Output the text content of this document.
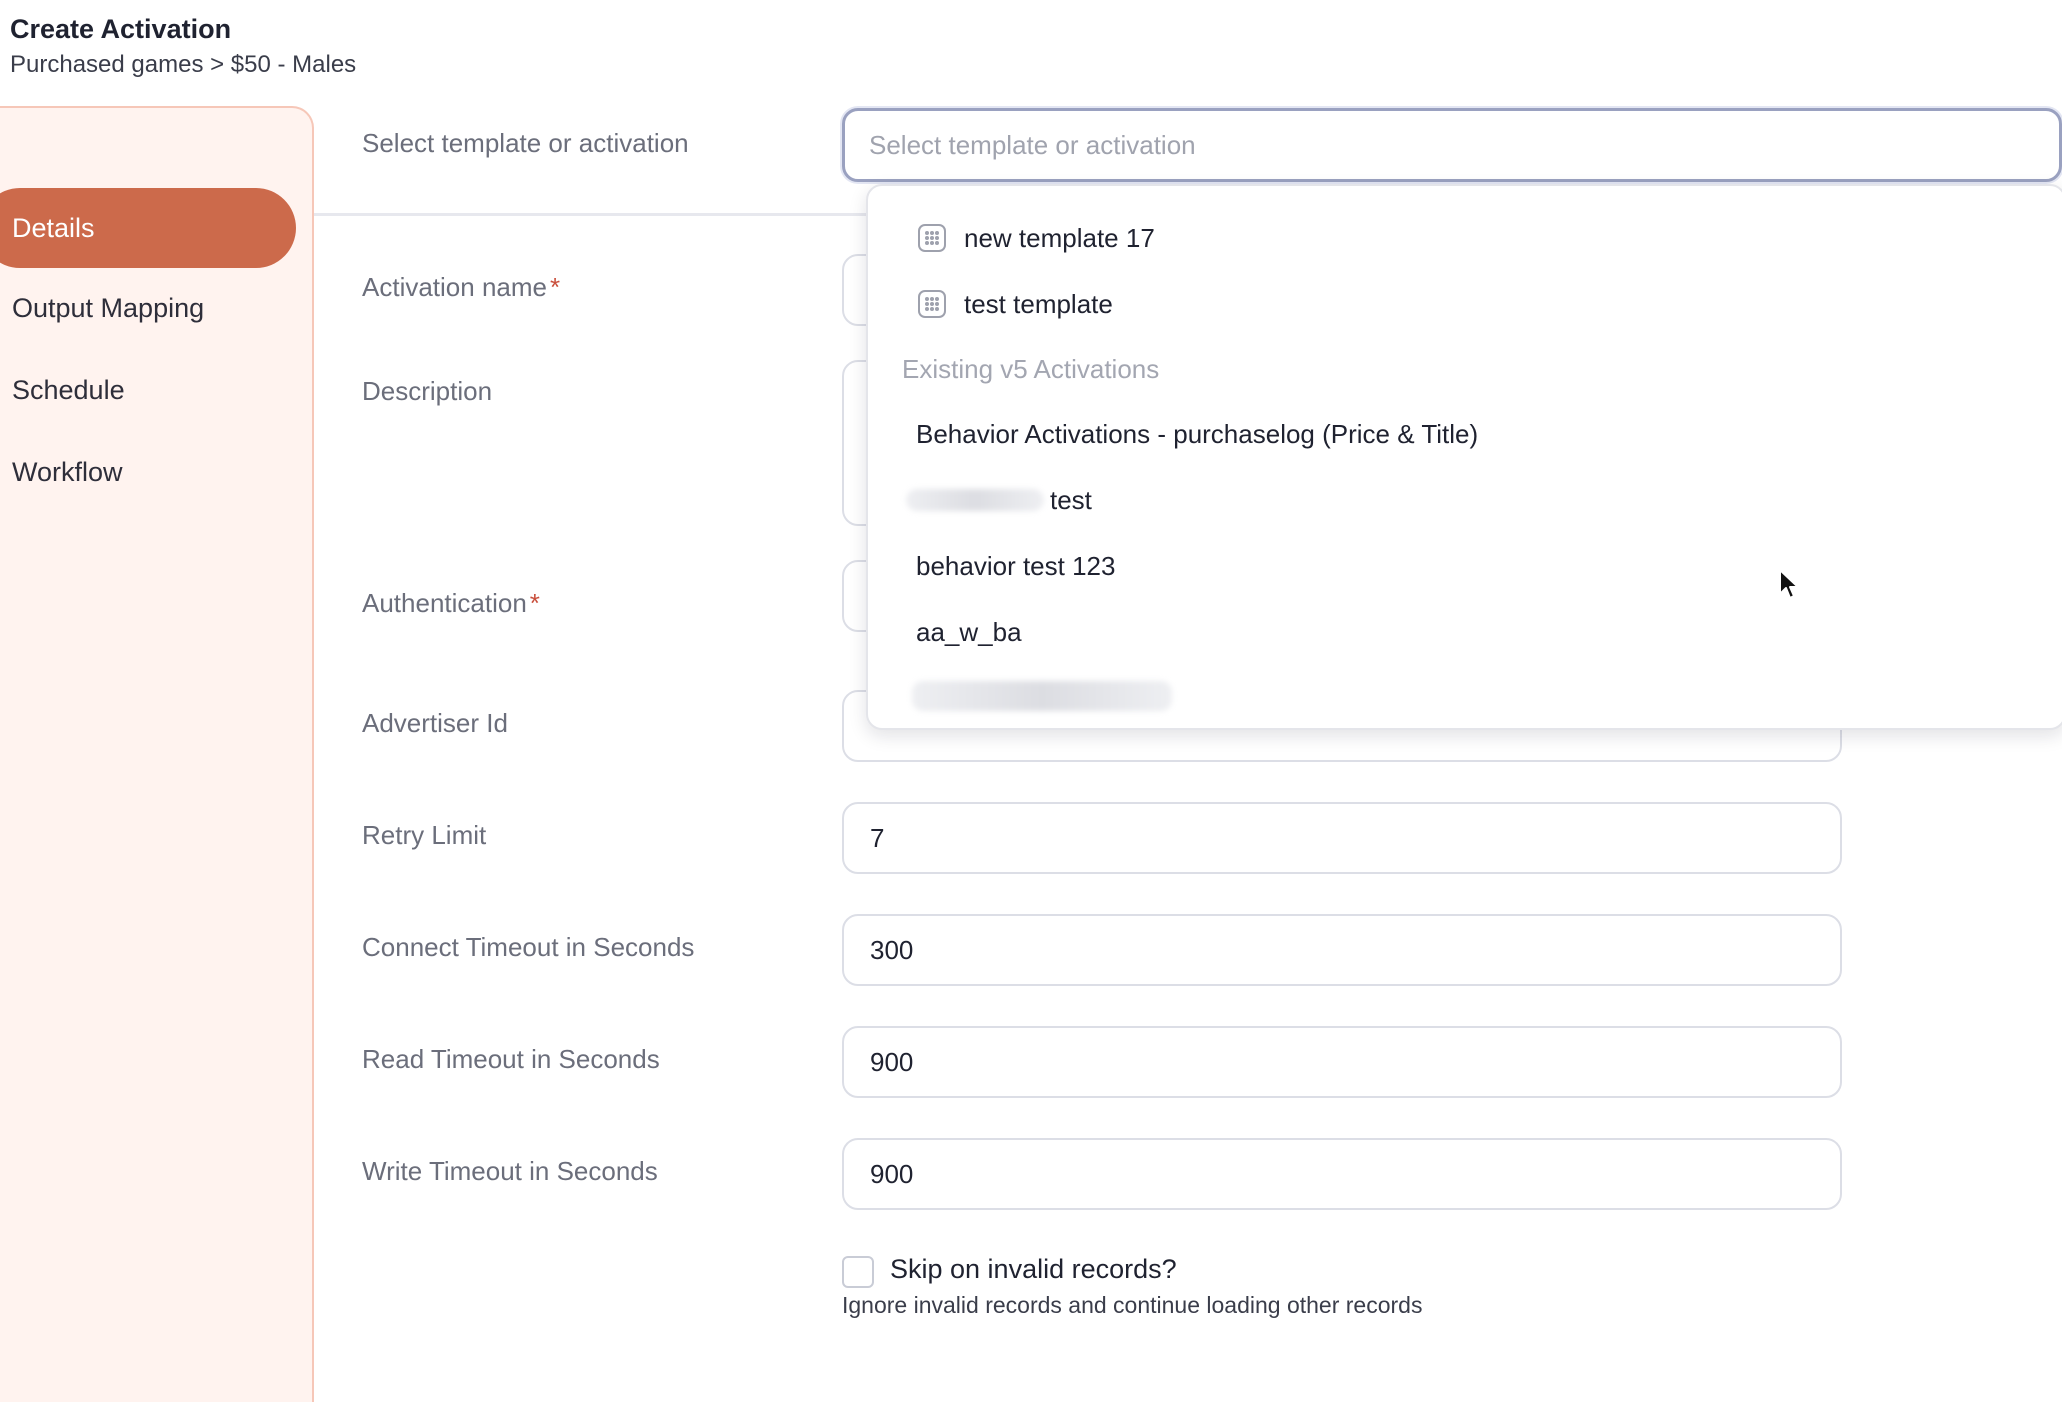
Create Activation
Purchased games > $50 - Males
Details
Output Mapping
Schedule
Workflow
Select template or activation
Activation name *
Description
Authentication *
Advertiser Id
Retry Limit
Connect Timeout in Seconds
Read Timeout in Seconds
Write Timeout in Seconds
7
300
900
900
Skip on invalid records?
Ignore invalid records and continue loading other records
Select template or activation
new template 17
test template
Existing v5 Activations
Behavior Activations - purchaselog (Price & Title)
test
behavior test 123
aa_w_ba
